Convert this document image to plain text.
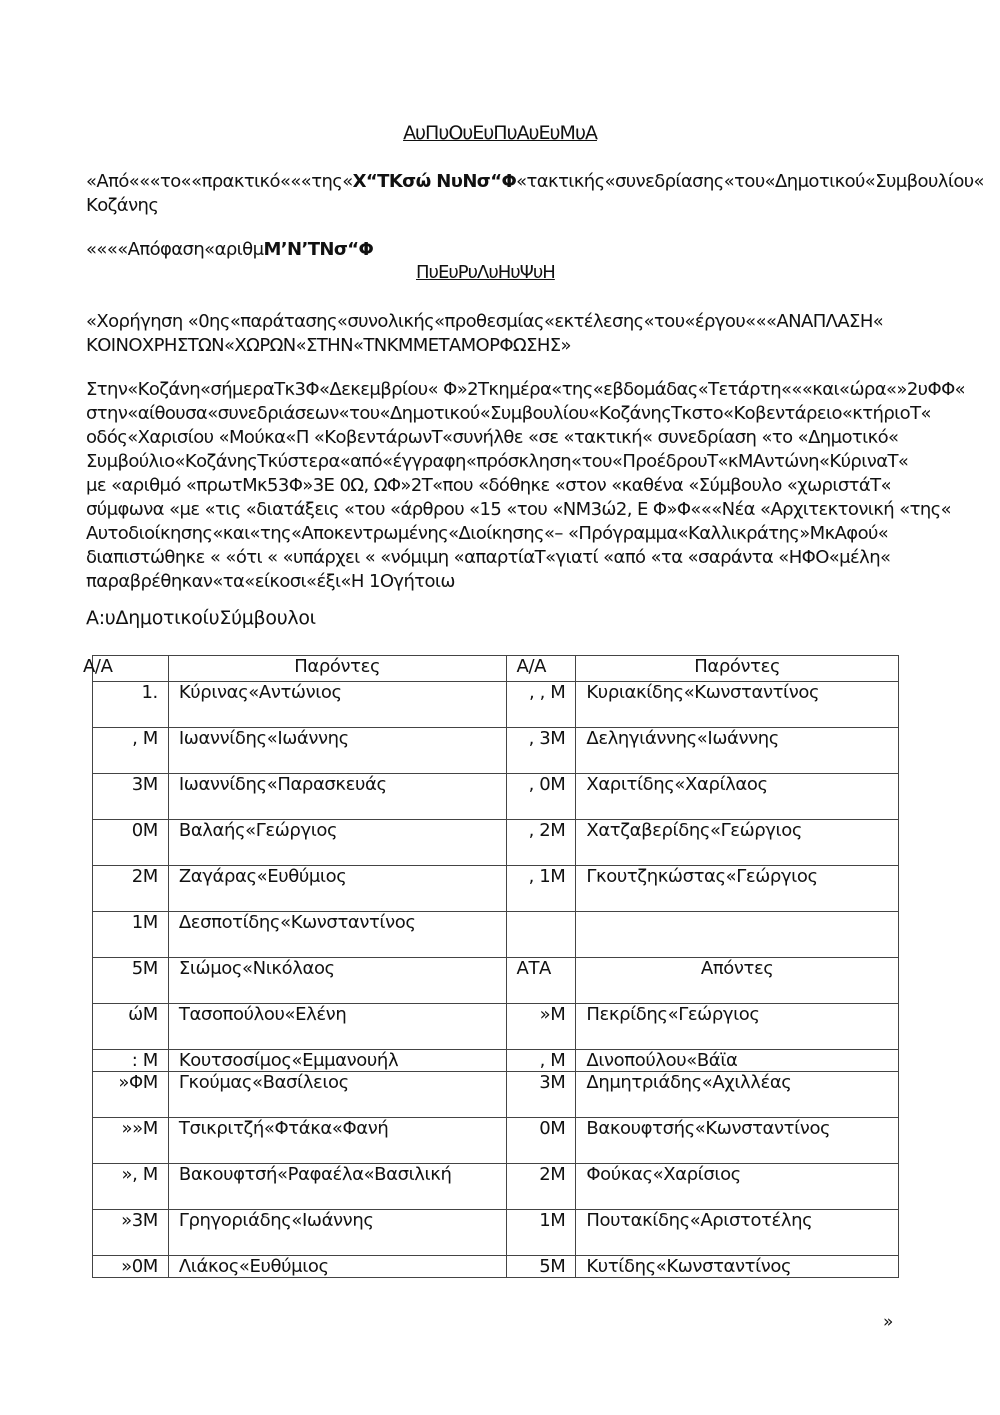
ΑυΠυΟυΕυΠυΑυΕυΜυΑ
«Από«««το««πρακτικό«««της«Χ“ΤΚσώ ΝυΝσ“Φ«τακτικής«συνεδρίασης«του«Δημοτικού«Συμβουλίου«
Κοζάνης
««««Απόφαση«αριθμΜ’Ν’ΤΝσ“Φ
ΠυΕυΡυΛυΗυΨυΗ
«Χορήγηση «0ης«παράτασης«συνολικής«προθεσμίας«εκτέλεσης«του«έργου«««ΑΝΑΠΛΑΣΗ«
ΚΟΙΝΟΧΡΗΣΤΩΝ«ΧΩΡΩΝ«ΣΤΗΝ«ΤΝΚΜΜΕΤΑΜΟΡΦΩΣΗΣ»
Στην«Κοζάνη«σήμεραΤκ3Φ«Δεκεμβρίου« Φ»2Τκημέρα«της«εβδομάδας«Τετάρτη«««και«ώρα«»2υΦΦ«
στην«αίθουσα«συνεδριάσεων«του«Δημοτικού«Συμβουλίου«ΚοζάνηςΤκστο«Κοβεντάρειο«κτήριοΤ«
οδός«Χαρισίου «Μούκα«Π «ΚοβεντάρωνΤ«συνήλθε «σε «τακτική« συνεδρίαση «το «Δημοτικό«
Συμβούλιο«ΚοζάνηςΤκύστερα«από«έγγραφη«πρόσκληση«του«ΠροέδρουΤ«κΜΑντώνη«ΚύριναΤ«
με «αριθμό «πρωτΜκ53Φ»3Ε 0Ω, ΩΦ»2Τ«που «δόθηκε «στον «καθένα «Σύμβουλο «χωριστάΤ«
σύμφωνα «με «τις «διατάξεις «του «άρθρου «15 «του «ΝΜ3ώ2, Ε Φ»Φ«««Νέα «Αρχιτεκτονική «της«
Αυτοδιοίκησης«και«της«Αποκεντρωμένης«Διοίκησης«– «Πρόγραμμα«Καλλικράτης»ΜκΑφού«
διαπιστώθηκε « «ότι « «υπάρχει « «νόμιμη «απαρτίαΤ«γιατί «από «τα «σαράντα «ΗΦΟ«μέλη«
παραβρέθηκαν«τα«είκοσι«έξι«Η 1Ογήτοιω
Α:υΔημοτικοίυΣύμβουλοι
Α/Α	Παρόντες	Α/Α	Παρόντες
1.	Κύρινας«Αντώνιος	, , Μ	Κυριακίδης«Κωνσταντίνος
, Μ	Ιωαννίδης«Ιωάννης	, 3Μ	Δεληγιάννης«Ιωάννης
3Μ	Ιωαννίδης«Παρασκευάς	, 0Μ	Χαριτίδης«Χαρίλαος
0Μ	Βαλαής«Γεώργιος	, 2Μ	Χατζαβερίδης«Γεώργιος
2Μ	Ζαγάρας«Ευθύμιος	, 1Μ	Γκουτζηκώστας«Γεώργιος
1Μ	Δεσποτίδης«Κωνσταντίνος		
5Μ	Σιώμος«Νικόλαος	ΑΤΑ	Απόντες
ώΜ	Τασοπούλου«Ελένη	»Μ	Πεκρίδης«Γεώργιος
: Μ	Κουτσοσίμος«Εμμανουήλ	, Μ	Δινοπούλου«Βάϊα
»ΦΜ	Γκούμας«Βασίλειος	3Μ	Δημητριάδης«Αχιλλέας
»»Μ	Τσικριτζή«Φτάκα«Φανή	0Μ	Βακουφτσής«Κωνσταντίνος
», Μ	Βακουφτσή«Ραφαέλα«Βασιλική	2Μ	Φούκας«Χαρίσιος
»3Μ	Γρηγοριάδης«Ιωάννης	1Μ	Πουτακίδης«Αριστοτέλης
»0Μ	Λιάκος«Ευθύμιος	5Μ	Κυτίδης«Κωνσταντίνος
»
